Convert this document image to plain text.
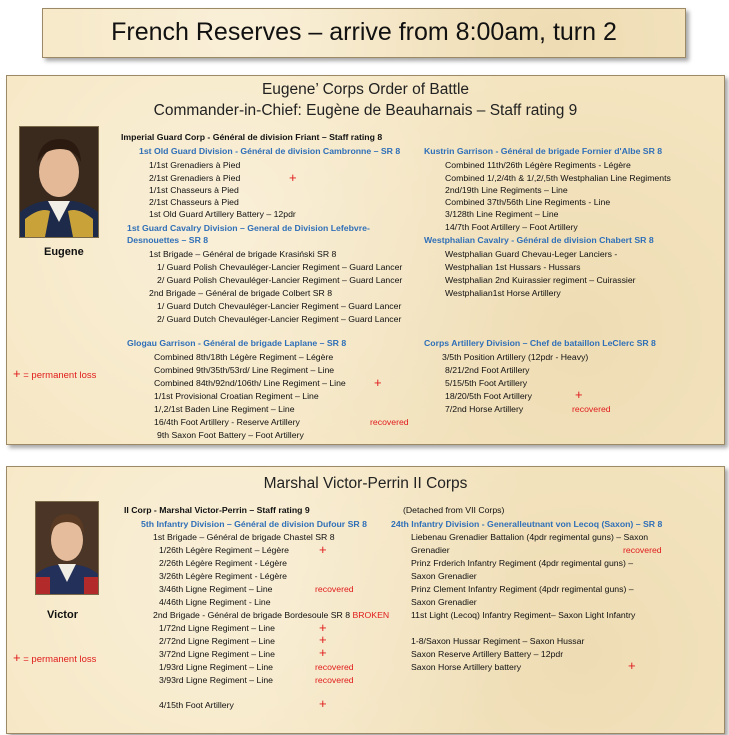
French Reserves – arrive from 8:00am, turn 2
Eugene’ Corps Order of Battle
Commander-in-Chief: Eugène de Beauharnais – Staff rating 9
Eugene
+ = permanent loss
Imperial Guard Corp - Général de division Friant – Staff rating 8
1st Old Guard Division - Général de division Cambronne – SR 8
1/1st Grenadiers à Pied
2/1st Grenadiers à Pied	+
1/1st Chasseurs à Pied
2/1st Chasseurs à Pied
1st Old Guard Artillery Battery – 12pdr
1st Guard Cavalry Division – General de Division Lefebvre-
Desnouettes – SR 8
1st Brigade – Général de brigade Krasiński SR 8
1/ Guard Polish Chevauléger-Lancier Regiment – Guard Lancer
2/ Guard Polish Chevauléger-Lancier Regiment – Guard Lancer
2nd Brigade – Général de brigade Colbert SR 8
1/ Guard Dutch Chevauléger-Lancier Regiment – Guard Lancer
2/ Guard Dutch Chevauléger-Lancier Regiment – Guard Lancer
Kustrin Garrison - Général de brigade Fornier d'Albe SR 8
Combined 11th/26th Légère Regiments - Légère
Combined 1/,2/4th & 1/,2/,5th Westphalian Line Regiments
2nd/19th Line Regiments – Line
Combined 37th/56th Line Regiments - Line
3/128th Line Regiment – Line
14/7th Foot Artillery – Foot Artillery
Westphalian Cavalry - Général de division Chabert SR 8
Westphalian Guard Chevau-Leger Lanciers -
Westphalian 1st Hussars - Hussars
Westphalian 2nd Kuirassier regiment – Cuirassier
Westphalian1st Horse Artillery
Glogau Garrison - Général de brigade Laplane – SR 8
Combined 8th/18th Légère Regiment – Légère
Combined 9th/35th/53rd/ Line Regiment – Line
Combined 84th/92nd/106th/ Line Regiment – Line +
1/1st Provisional Croatian Regiment – Line
1/,2/1st Baden Line Regiment – Line
16/4th Foot Artillery - Reserve Artillery	recovered
9th Saxon Foot Battery – Foot Artillery
Corps Artillery Division – Chef de bataillon LeClerc SR 8
3/5th Position Artillery (12pdr - Heavy)
8/21/2nd Foot Artillery
5/15/5th Foot Artillery
18/20/5th Foot Artillery	+
7/2nd Horse Artillery	recovered
Marshal Victor-Perrin II Corps
Victor
+ = permanent loss
II Corp - Marshal Victor-Perrin – Staff rating 9	(Detached from VII Corps)
5th Infantry Division – Général de division Dufour SR 8
1st Brigade – Général de brigade Chastel SR 8
1/26th Légère Regiment – Légère +
2/26th Légère Regiment - Légère
3/26th Légère Regiment - Légère
3/46th Ligne Regiment – Line	recovered
4/46th Ligne Regiment - Line
2nd Brigade - Général de brigade Bordesoule SR 8 BROKEN
1/72nd Ligne Regiment – Line	+
2/72nd Ligne Regiment – Line	+
3/72nd Ligne Regiment – Line	+
1/93rd Ligne Regiment – Line	recovered
3/93rd Ligne Regiment – Line	recovered
4/15th Foot Artillery	+
24th Infantry Division - Generalleutnant von Lecoq (Saxon) – SR 8
Liebenau Grenadier Battalion (4pdr regimental guns) – Saxon
Grenadier	recovered
Prinz Frderich Infantry Regiment (4pdr regimental guns) –
Saxon Grenadier
Prinz Clement Infantry Regiment (4pdr regimental guns) –
Saxon Grenadier
11st Light (Lecoq) Infantry Regiment– Saxon Light Infantry
1-8/Saxon Hussar Regiment – Saxon Hussar
Saxon Reserve Artillery Battery – 12pdr
Saxon Horse Artillery battery	+
